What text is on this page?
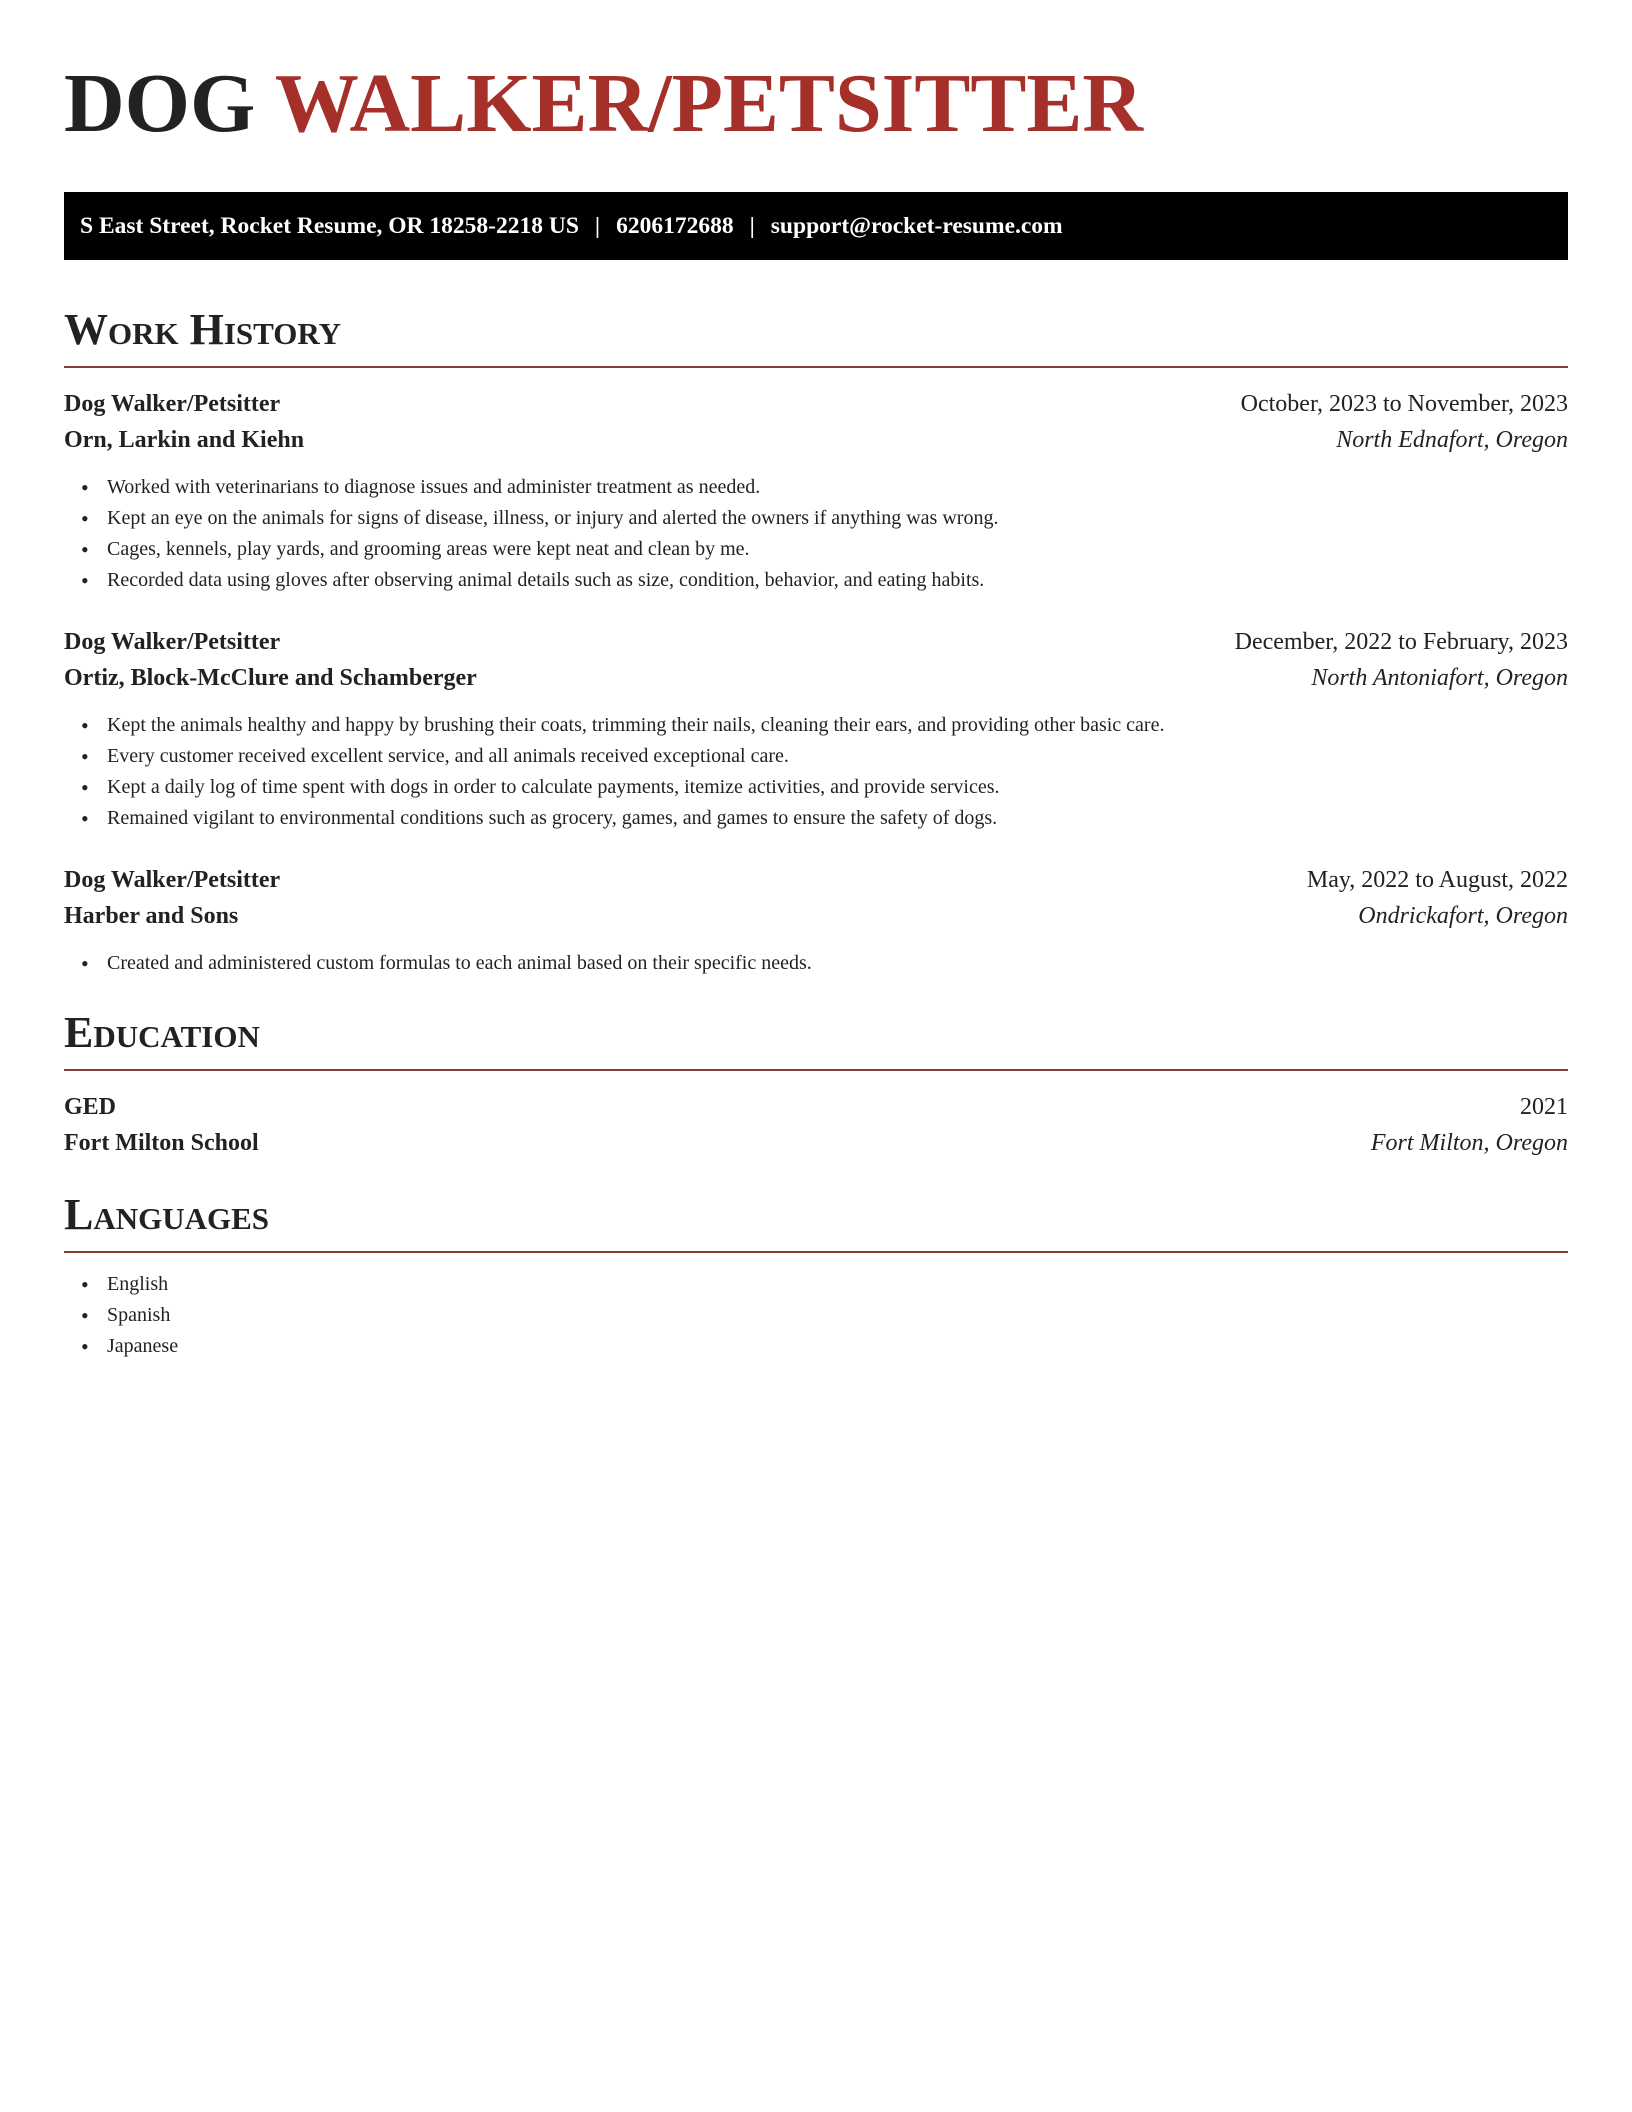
DOG WALKER/PETSITTER
S East Street, Rocket Resume, OR 18258-2218 US | 6206172688 | support@rocket-resume.com
Work History
Dog Walker/Petsitter	October, 2023 to November, 2023
Orn, Larkin and Kiehn	North Ednafort, Oregon
• Worked with veterinarians to diagnose issues and administer treatment as needed.
• Kept an eye on the animals for signs of disease, illness, or injury and alerted the owners if anything was wrong.
• Cages, kennels, play yards, and grooming areas were kept neat and clean by me.
• Recorded data using gloves after observing animal details such as size, condition, behavior, and eating habits.
Dog Walker/Petsitter	December, 2022 to February, 2023
Ortiz, Block-McClure and Schamberger	North Antoniafort, Oregon
• Kept the animals healthy and happy by brushing their coats, trimming their nails, cleaning their ears, and providing other basic care.
• Every customer received excellent service, and all animals received exceptional care.
• Kept a daily log of time spent with dogs in order to calculate payments, itemize activities, and provide services.
• Remained vigilant to environmental conditions such as grocery, games, and games to ensure the safety of dogs.
Dog Walker/Petsitter	May, 2022 to August, 2022
Harber and Sons	Ondrickafort, Oregon
• Created and administered custom formulas to each animal based on their specific needs.
Education
GED	2021
Fort Milton School	Fort Milton, Oregon
Languages
• English
• Spanish
• Japanese
